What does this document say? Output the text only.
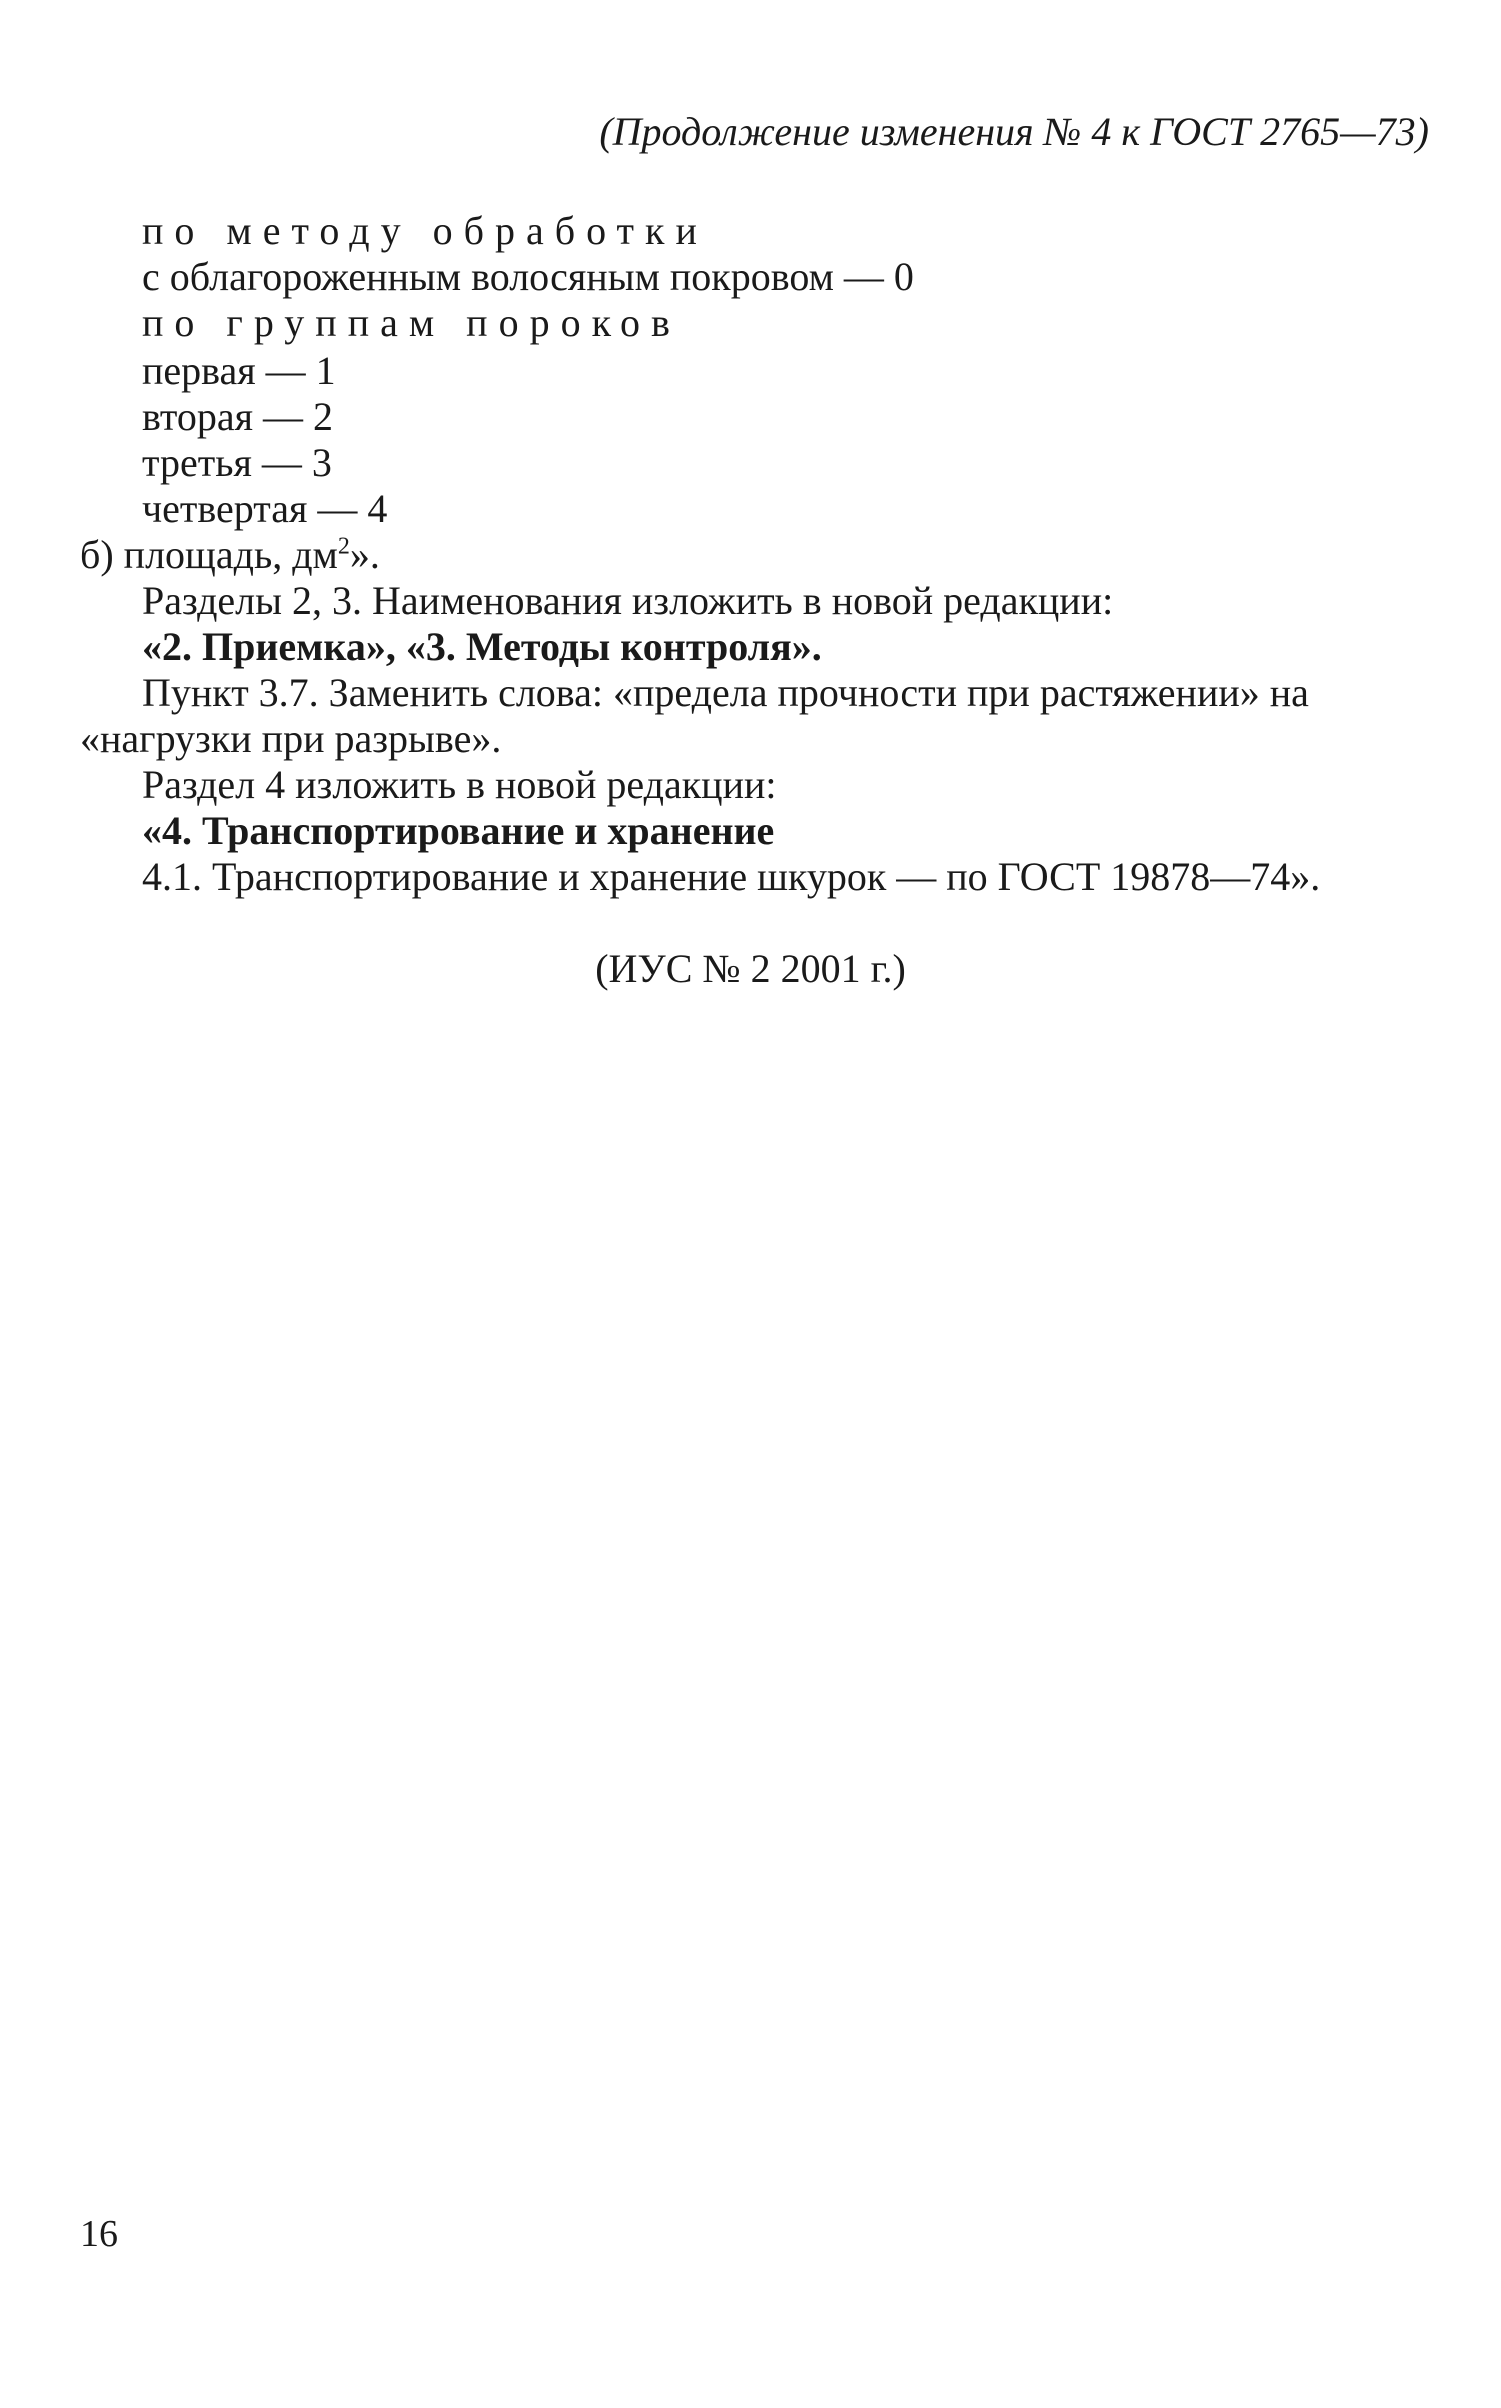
(Продолжение изменения № 4 к ГОСТ 2765—73)
по методу обработки
с облагороженным волосяным покровом — 0
по группам пороков
первая — 1
вторая — 2
третья — 3
четвертая — 4
б) площадь, $дм^2$».
Разделы 2, 3. Наименования изложить в новой редакции:
«2. Приемка», «3. Методы контроля».
Пункт 3.7. Заменить слова: «предела прочности при растяжении» на
«нагрузки при разрыве».
Раздел 4 изложить в новой редакции:
«4. Транспортирование и хранение
4.1. Транспортирование и хранение шкурок — по ГОСТ 19878—74».
(ИУС № 2 2001 г.)
16
